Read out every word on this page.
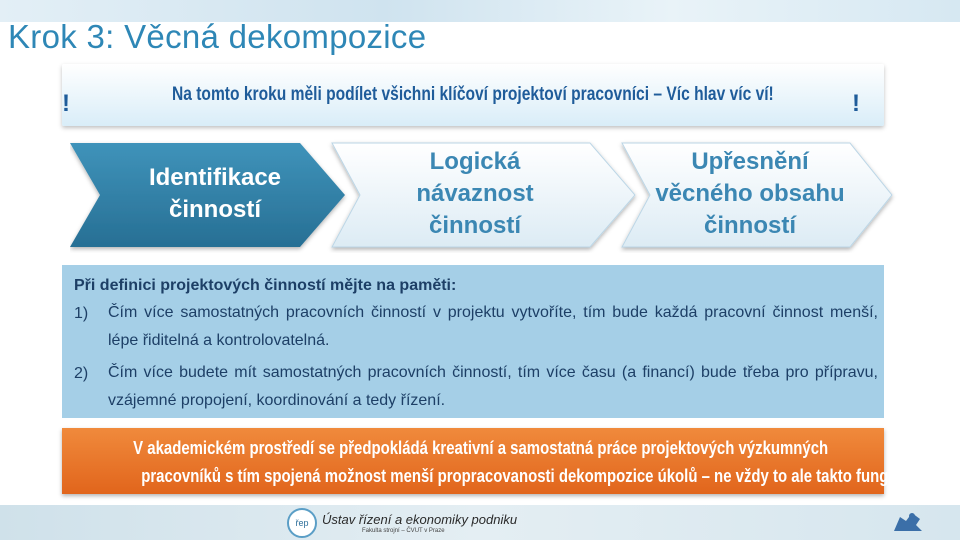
Krok 3: Věcná dekompozice
!	Na tomto kroku měli podílet všichni klíčoví projektoví pracovníci – Víc hlav víc ví!	!
Identifikace
činností
Logická
návaznost
činností
Upřesnění
věcného obsahu
činností
Při definici projektových činností mějte na paměti:
1) Čím více samostatných pracovních činností v projektu vytvoříte, tím bude každá pracovní činnost menší, lépe řiditelná a kontrolovatelná.
2) Čím více budete mít samostatných pracovních činností, tím více času (a financí) bude třeba pro přípravu, vzájemné propojení, koordinování a tedy řízení.
V akademickém prostředí se předpokládá kreativní a samostatná práce projektových výzkumných
pracovníků s tím spojená možnost menší propracovanosti dekompozice úkolů – ne vždy to ale takto funguje!
řep	Ústav řízení a ekonomiky podniku
Fakulta strojní – ČVUT v Praze
